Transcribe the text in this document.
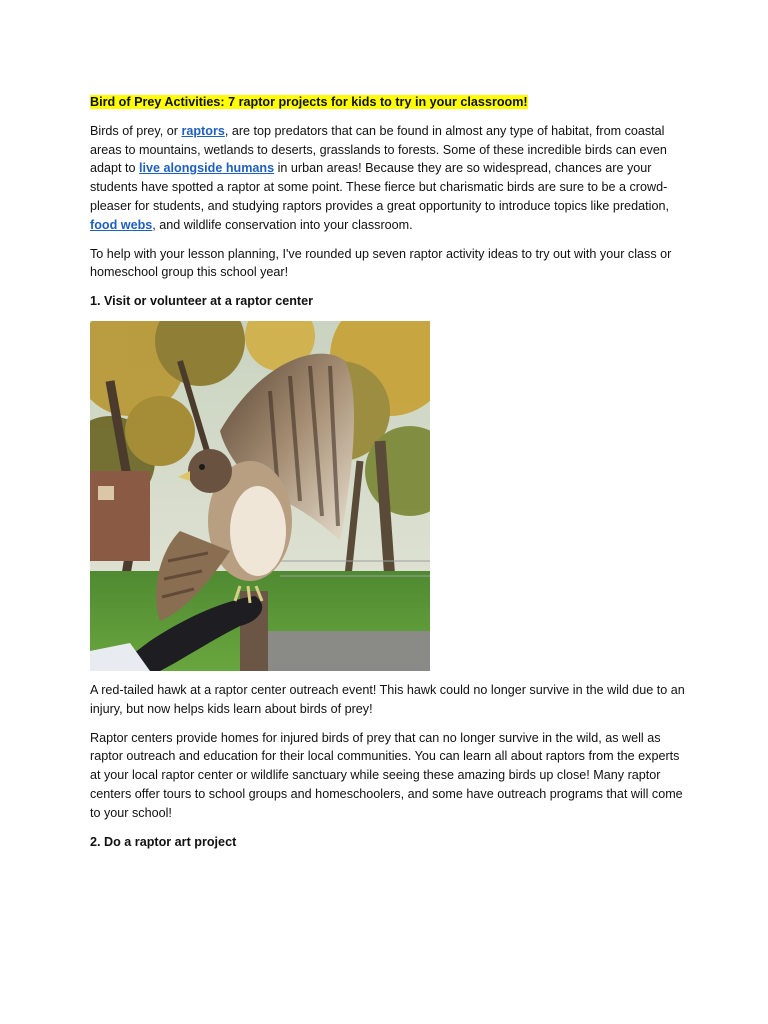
Bird of Prey Activities: 7 raptor projects for kids to try in your classroom!

Birds of prey, or raptors, are top predators that can be found in almost any type of habitat, from coastal areas to mountains, wetlands to deserts, grasslands to forests. Some of these incredible birds can even adapt to live alongside humans in urban areas! Because they are so widespread, chances are your students have spotted a raptor at some point. These fierce but charismatic birds are sure to be a crowd-pleaser for students, and studying raptors provides a great opportunity to introduce topics like predation, food webs, and wildlife conservation into your classroom.

To help with your lesson planning, I've rounded up seven raptor activity ideas to try out with your class or homeschool group this school year!

1. Visit or volunteer at a raptor center

A red-tailed hawk at a raptor center outreach event! This hawk could no longer survive in the wild due to an injury, but now helps kids learn about birds of prey!

Raptor centers provide homes for injured birds of prey that can no longer survive in the wild, as well as raptor outreach and education for their local communities. You can learn all about raptors from the experts at your local raptor center or wildlife sanctuary while seeing these amazing birds up close! Many raptor centers offer tours to school groups and homeschoolers, and some have outreach programs that will come to your school!

2. Do a raptor art project
